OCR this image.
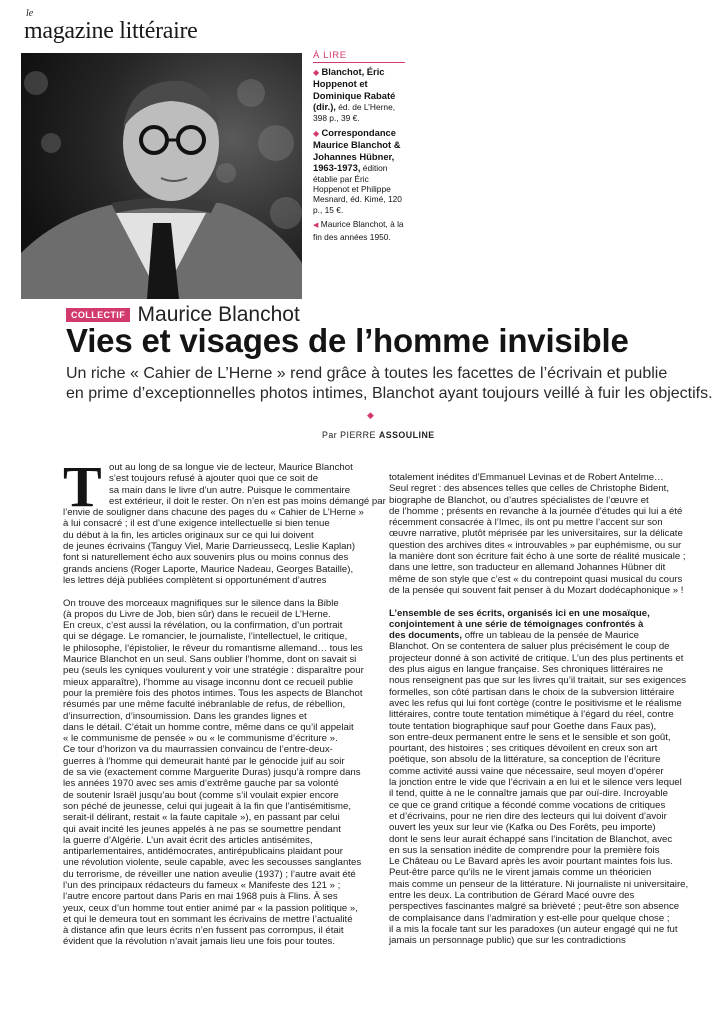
le
magazine littéraire
À LIRE
◆ Blanchot, Éric Hoppenot et Dominique Rabaté (dir.), éd. de L’Herne, 398 p., 39 €.
◆ Correspondance Maurice Blanchot & Johannes Hübner, 1963-1973, édition établie par Éric Hoppenot et Philippe Mesnard, éd. Kimé, 120 p., 15 €.
◀ Maurice Blanchot, à la fin des années 1950.
COLLECTIF Maurice Blanchot
Vies et visages de l’homme invisible
Un riche « Cahier de L’Herne » rend grâce à toutes les facettes de l’écrivain et publie
en prime d’exceptionnelles photos intimes, Blanchot ayant toujours veillé à fuir les objectifs.
◆
Par PIERRE ASSOULINE
T out au long de sa longue vie de lecteur, Maurice Blanchot
s’est toujours refusé à ajouter quoi que ce soit de
sa main dans le livre d’un autre. Puisque le commentaire
est extérieur, il doit le rester. On n’en est pas moins démangé par
l’envie de souligner dans chacune des pages du « Cahier de L’Herne »
à lui consacré ; il est d’une exigence intellectuelle si bien tenue
du début à la fin, les articles originaux sur ce qui lui doivent
de jeunes écrivains (Tanguy Viel, Marie Darrieussecq, Leslie Kaplan)
font si naturellement écho aux souvenirs plus ou moins connus des
grands anciens (Roger Laporte, Maurice Nadeau, Georges Bataille),
les lettres déjà publiées complètent si opportunément d’autres
On trouve des morceaux magnifiques sur le silence dans la Bible
(à propos du Livre de Job, bien sûr) dans le recueil de L’Herne.
En creux, c’est aussi la révélation, ou la confirmation, d’un portrait
qui se dégage. Le romancier, le journaliste, l’intellectuel, le critique,
le philosophe, l’épistolier, le rêveur du romantisme allemand… tous les
Maurice Blanchot en un seul. Sans oublier l’homme, dont on savait si
peu (seuls les cyniques voulurent y voir une stratégie : disparaître pour
mieux apparaître), l’homme au visage inconnu dont ce recueil publie
pour la première fois des photos intimes. Tous les aspects de Blanchot
résumés par une même faculté inébranlable de refus, de rébellion,
d’insurrection, d’insoumission. Dans les grandes lignes et
dans le détail. C’était un homme contre, même dans ce qu’il appelait
« le communisme de pensée » ou « le communisme d’écriture ».
Ce tour d’horizon va du maurrassien convaincu de l’entre-deux-
guerres à l’homme qui demeurait hanté par le génocide juif au soir
de sa vie (exactement comme Marguerite Duras) jusqu’à rompre dans
les années 1970 avec ses amis d’extrême gauche par sa volonté
de soutenir Israël jusqu’au bout (comme s’il voulait expier encore
son péché de jeunesse, celui qui jugeait à la fin que l’antisémitisme,
serait-il délirant, restait « la faute capitale »), en passant par celui
qui avait incité les jeunes appelés à ne pas se soumettre pendant
la guerre d’Algérie. L’un avait écrit des articles antisémites,
antiparlementaires, antidémocrates, antirépublicains plaidant pour
une révolution violente, seule capable, avec les secousses sanglantes
du terrorisme, de réveiller une nation aveulie (1937) ; l’autre avait été
l’un des principaux rédacteurs du fameux « Manifeste des 121 » ;
l’autre encore partout dans Paris en mai 1968 puis à Flins. À ses
yeux, ceux d’un homme tout entier animé par « la passion politique »,
et qui le demeura tout en sommant les écrivains de mettre l’actualité
à distance afin que leurs écrits n’en fussent pas corrompus, il était
évident que la révolution n’avait jamais lieu une fois pour toutes.
totalement inédites d’Emmanuel Levinas et de Robert Antelme…
Seul regret : des absences telles que celles de Christophe Bident,
biographe de Blanchot, ou d’autres spécialistes de l’œuvre et
de l’homme ; présents en revanche à la journée d’études qui lui a été
récemment consacrée à l’Imec, ils ont pu mettre l’accent sur son
œuvre narrative, plutôt méprisée par les universitaires, sur la délicate
question des archives dites « introuvables » par euphémisme, ou sur
la manière dont son écriture fait écho à une sorte de réalité musicale ;
dans une lettre, son traducteur en allemand Johannes Hübner dit
même de son style que c’est « du contrepoint quasi musical du cours
de la pensée qui souvent fait penser à du Mozart dodécaphonique » !
L’ensemble de ses écrits, organisés ici en une mosaïque,
conjointement à une série de témoignages confrontés à
des documents, offre un tableau de la pensée de Maurice
Blanchot. On se contentera de saluer plus précisément le coup de
projecteur donné à son activité de critique. L’un des plus pertinents et
des plus aigus en langue française. Ses chroniques littéraires ne
nous renseignent pas que sur les livres qu’il traitait, sur ses exigences
formelles, son côté partisan dans le choix de la subversion littéraire
avec les refus qui lui font cortège (contre le positivisme et le réalisme
littéraires, contre toute tentation mimétique à l’égard du réel, contre
toute tentation biographique sauf pour Goethe dans Faux pas),
son entre-deux permanent entre le sens et le sensible et son goût,
pourtant, des histoires ; ses critiques dévoilent en creux son art
poétique, son absolu de la littérature, sa conception de l’écriture
comme activité aussi vaine que nécessaire, seul moyen d’opérer
la jonction entre le vide que l’écrivain a en lui et le silence vers lequel
il tend, quitte à ne le connaître jamais que par ouï-dire. Incroyable
ce que ce grand critique a fécondé comme vocations de critiques
et d’écrivains, pour ne rien dire des lecteurs qui lui doivent d’avoir
ouvert les yeux sur leur vie (Kafka ou Des Forêts, peu importe)
dont le sens leur aurait échappé sans l’incitation de Blanchot, avec
en sus la sensation inédite de comprendre pour la première fois
Le Château ou Le Bavard après les avoir pourtant maintes fois lus.
Peut-être parce qu’ils ne le virent jamais comme un théoricien
mais comme un penseur de la littérature. Ni journaliste ni universitaire,
entre les deux. La contribution de Gérard Macé ouvre des
perspectives fascinantes malgré sa brièveté ; peut-être son absence
de complaisance dans l’admiration y est-elle pour quelque chose ;
il a mis la focale tant sur les paradoxes (un auteur engagé qui ne fut
jamais un personnage public) que sur les contradictions
